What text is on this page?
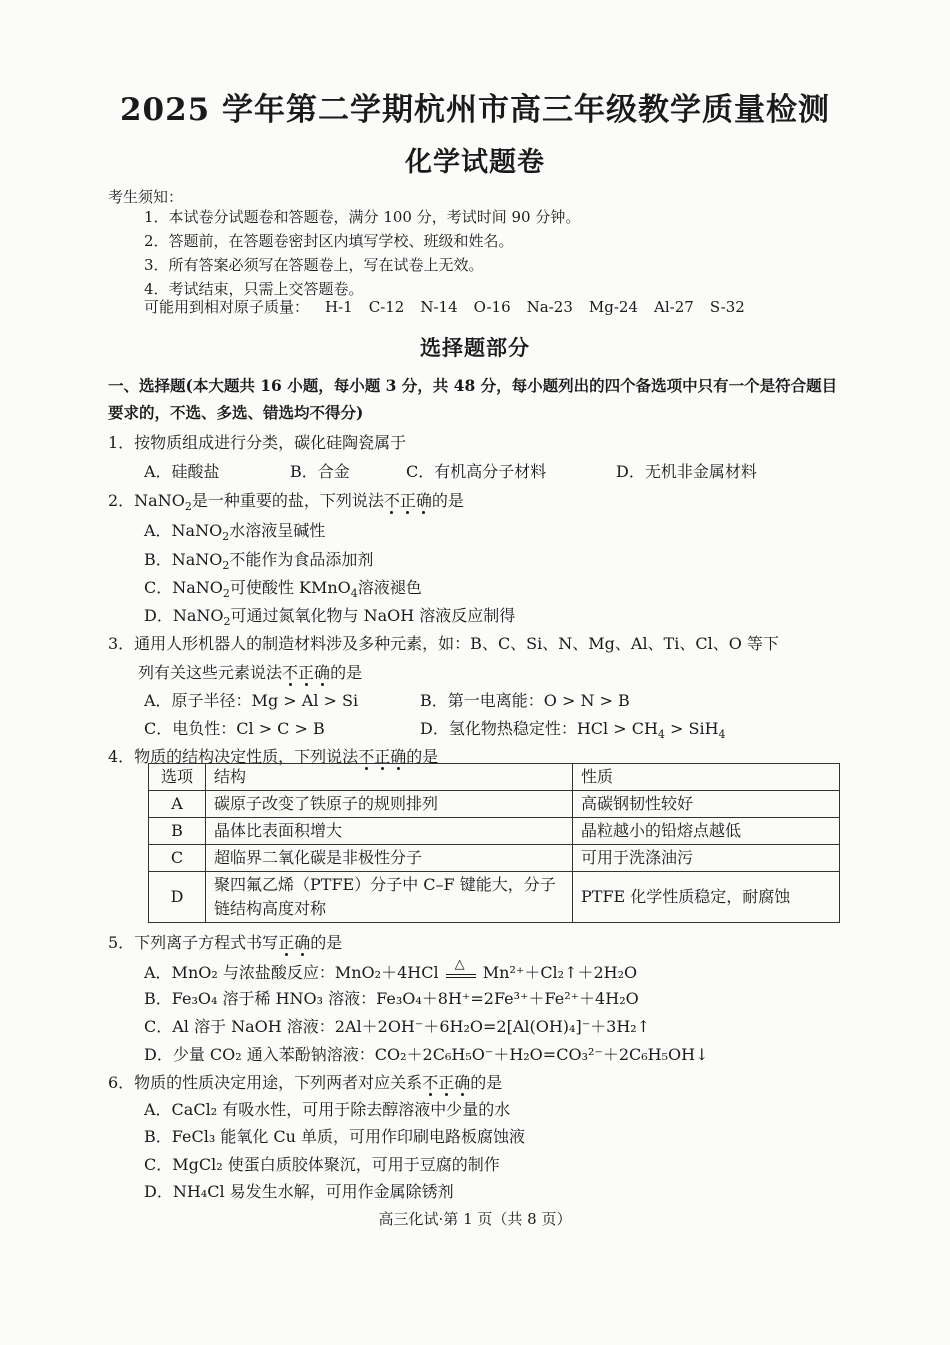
2025 学年第二学期杭州市高三年级教学质量检测
化学试题卷
考生须知：
1．本试卷分试题卷和答题卷，满分 100 分，考试时间 90 分钟。
2．答题前，在答题卷密封区内填写学校、班级和姓名。
3．所有答案必须写在答题卷上，写在试卷上无效。
4．考试结束，只需上交答题卷。
可能用到相对原子质量： H-1 C-12 N-14 O-16 Na-23 Mg-24 Al-27 S-32
选择题部分
一、选择题(本大题共 16 小题，每小题 3 分，共 48 分，每小题列出的四个备选项中只有一个是符合题目要求的，不选、多选、错选均不得分)
1．按物质组成进行分类，碳化硅陶瓷属于
A．硅酸盐	B．合金	C．有机高分子材料	D．无机非金属材料
2．NaNO$_2$是一种重要的盐，下列说法不正确的是
A．NaNO$_2$水溶液呈碱性
B．NaNO$_2$不能作为食品添加剂
C．NaNO$_2$可使酸性 KMnO$_4$溶液褪色
D．NaNO$_2$可通过氮氧化物与 NaOH 溶液反应制得
3．通用人形机器人的制造材料涉及多种元素，如：B、C、Si、N、Mg、Al、Ti、Cl、O 等下
列有关这些元素说法不正确的是
A．原子半径：Mg > Al > Si	B．第一电离能：O > N > B
C．电负性：Cl > C > B	D．氢化物热稳定性：HCl > $CH_4 > SiH_4$
4．物质的结构决定性质，下列说法不正确的是
选项	结构	性质
A	碳原子改变了铁原子的规则排列	高碳钢韧性较好
B	晶体比表面积增大	晶粒越小的铅熔点越低
C	超临界二氧化碳是非极性分子	可用于洗涤油污
D	聚四氟乙烯（PTFE）分子中 C–F 键能大，分子链结构高度对称	PTFE 化学性质稳定，耐腐蚀
5．下列离子方程式书写正确的是
A．MnO₂ 与浓盐酸反应：MnO₂＋4HCl △ Mn²⁺＋Cl₂↑＋2H₂O
B．Fe₃O₄ 溶于稀 HNO₃ 溶液：Fe₃O₄＋8H⁺=2Fe³⁺＋Fe²⁺＋4H₂O
C．Al 溶于 NaOH 溶液：2Al＋2OH⁻＋6H₂O=2[Al(OH)₄]⁻＋3H₂↑
D．少量 CO₂ 通入苯酚钠溶液：CO₂＋2C₆H₅O⁻＋H₂O=CO₃²⁻＋2C₆H₅OH↓
6．物质的性质决定用途，下列两者对应关系不正确的是
A．CaCl₂ 有吸水性，可用于除去醇溶液中少量的水
B．FeCl₃ 能氧化 Cu 单质，可用作印刷电路板腐蚀液
C．MgCl₂ 使蛋白质胶体聚沉，可用于豆腐的制作
D．NH₄Cl 易发生水解，可用作金属除锈剂
高三化试·第 1 页（共 8 页）
